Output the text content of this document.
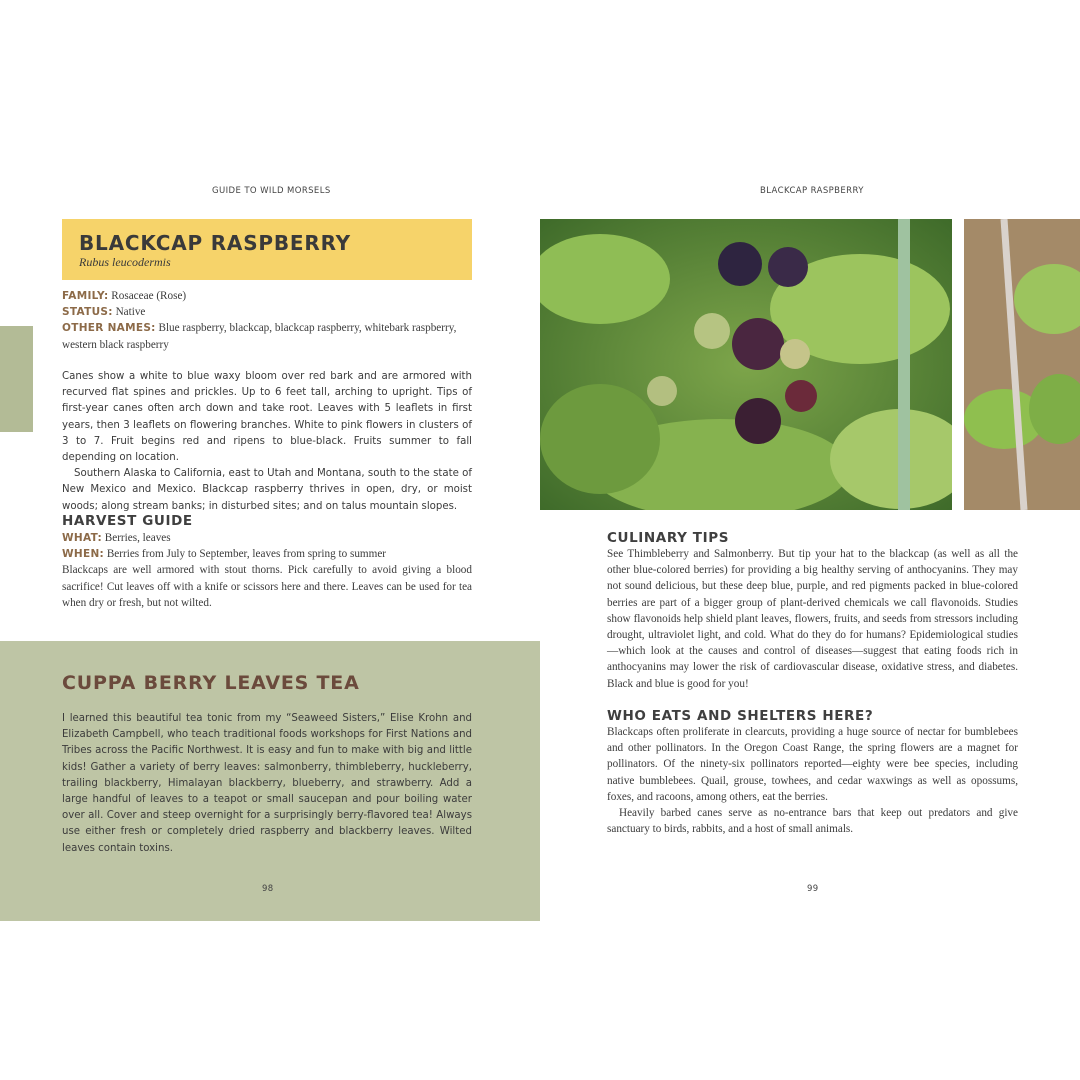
GUIDE TO WILD MORSELS	BLACKCAP RASPBERRY
BLACKCAP RASPBERRY
Rubus leucodermis
FAMILY: Rosaceae (Rose)
STATUS: Native
OTHER NAMES: Blue raspberry, blackcap, blackcap raspberry, whitebark raspberry, western black raspberry

Canes show a white to blue waxy bloom over red bark and are armored with recurved flat spines and prickles. Up to 6 feet tall, arching to upright. Tips of first-year canes often arch down and take root. Leaves with 5 leaflets in first years, then 3 leaflets on flowering branches. White to pink flowers in clusters of 3 to 7. Fruit begins red and ripens to blue-black. Fruits summer to fall depending on location.

Southern Alaska to California, east to Utah and Montana, south to the state of New Mexico and Mexico. Blackcap raspberry thrives in open, dry, or moist woods; along stream banks; in disturbed sites; and on talus mountain slopes.

HARVEST GUIDE
WHAT: Berries, leaves
WHEN: Berries from July to September, leaves from spring to summer

Blackcaps are well armored with stout thorns. Pick carefully to avoid giving a blood sacrifice! Cut leaves off with a knife or scissors here and there. Leaves can be used for tea when dry or fresh, but not wilted.

CUPPA BERRY LEAVES TEA

I learned this beautiful tea tonic from my “Seaweed Sisters,” Elise Krohn and Elizabeth Campbell, who teach traditional foods workshops for First Nations and Tribes across the Pacific Northwest. It is easy and fun to make with big and little kids! Gather a variety of berry leaves: salmonberry, thimbleberry, huckleberry, trailing blackberry, Himalayan blackberry, blueberry, and strawberry. Add a large handful of leaves to a teapot or small saucepan and pour boiling water over all. Cover and steep overnight for a surprisingly berry-flavored tea! Always use either fresh or completely dried raspberry and blackberry leaves. Wilted leaves contain toxins.

98
CULINARY TIPS

See Thimbleberry and Salmonberry. But tip your hat to the blackcap (as well as all the other blue-colored berries) for providing a big healthy serving of anthocyanins. They may not sound delicious, but these deep blue, purple, and red pigments packed in blue-colored berries are part of a bigger group of plant-derived chemicals we call flavonoids. Studies show flavonoids help shield plant leaves, flowers, fruits, and seeds from stressors including drought, ultraviolet light, and cold. What do they do for humans? Epidemiological studies—which look at the causes and control of diseases—suggest that eating foods rich in anthocyanins may lower the risk of cardiovascular disease, oxidative stress, and diabetes. Black and blue is good for you!

WHO EATS AND SHELTERS HERE?

Blackcaps often proliferate in clearcuts, providing a huge source of nectar for bumblebees and other pollinators. In the Oregon Coast Range, the spring flowers are a magnet for pollinators. Of the ninety-six pollinators reported—eighty were bee species, including native bumblebees. Quail, grouse, towhees, and cedar waxwings as well as opossums, foxes, and racoons, among others, eat the berries.

Heavily barbed canes serve as no-entrance bars that keep out predators and give sanctuary to birds, rabbits, and a host of small animals.

99
